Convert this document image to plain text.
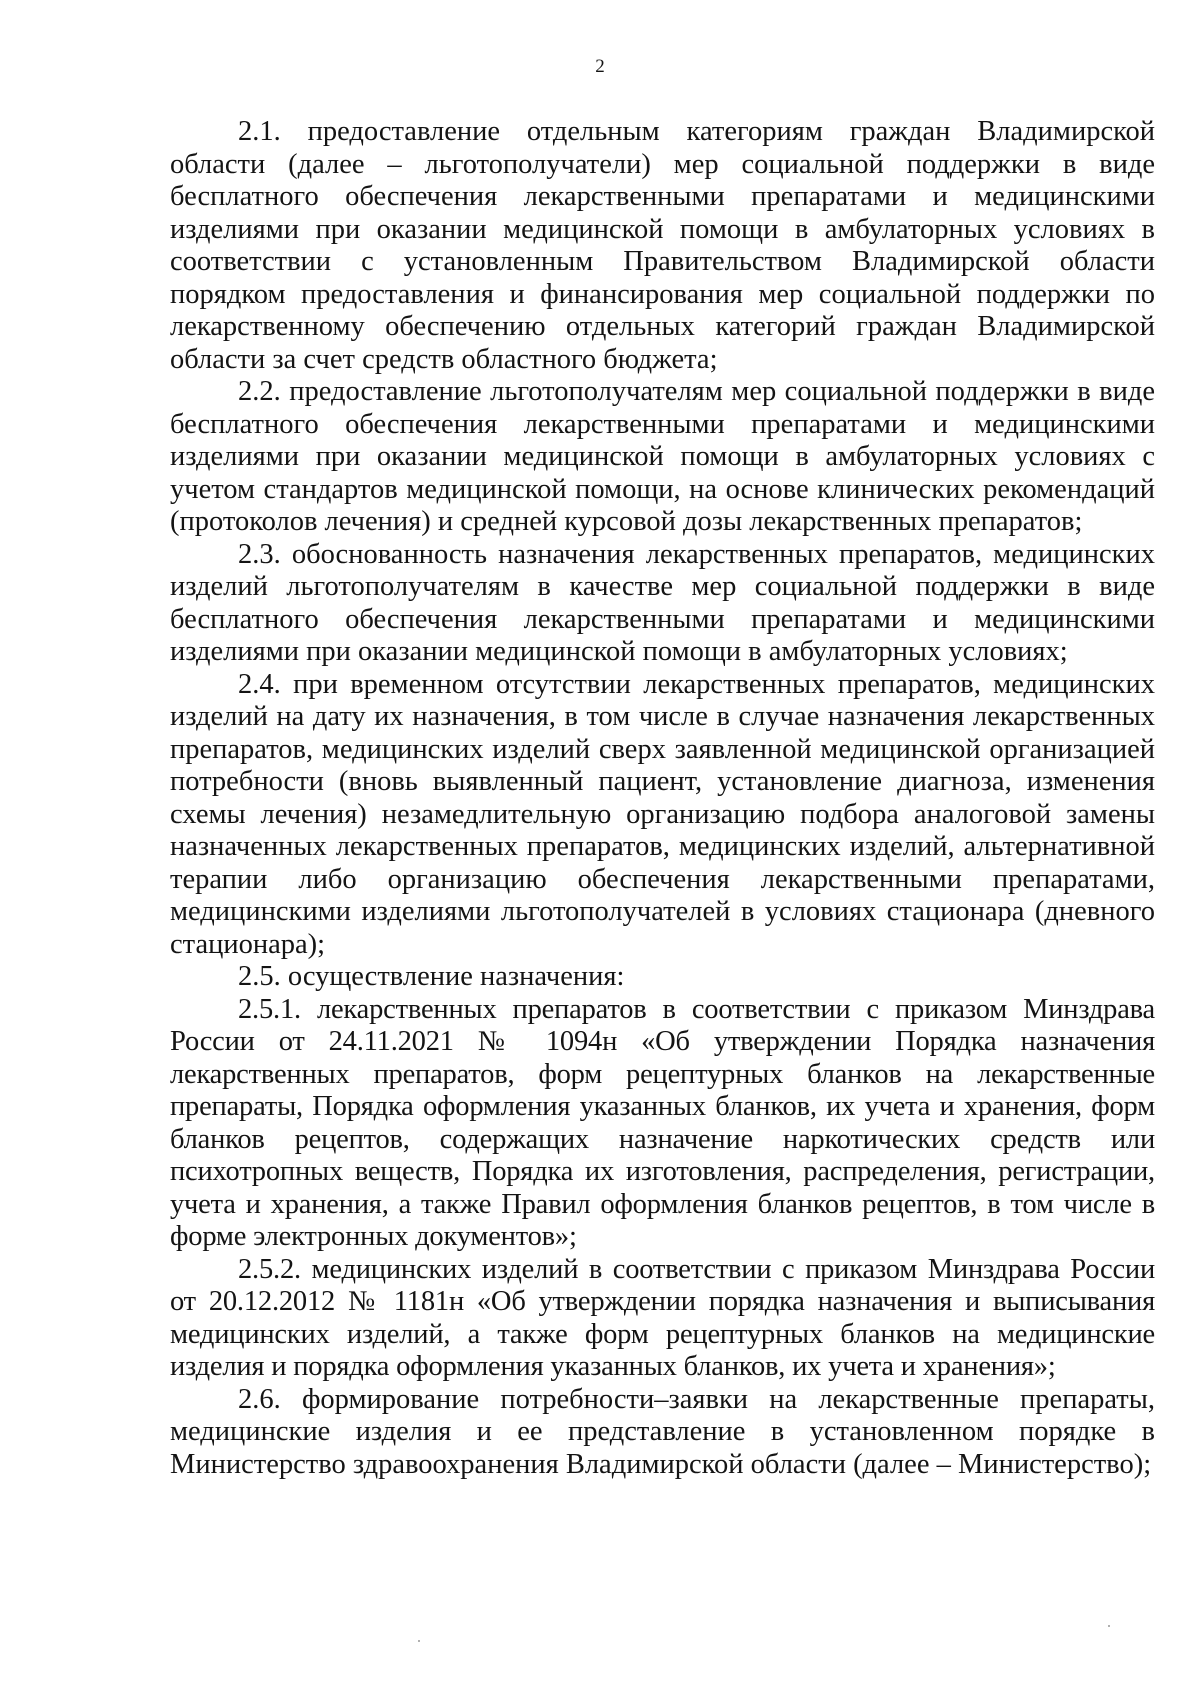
2

2.1. предоставление отдельным категориям граждан Владимирской области (далее – льготополучатели) мер социальной поддержки в виде бесплатного обеспечения лекарственными препаратами и медицинскими изделиями при оказании медицинской помощи в амбулаторных условиях в соответствии с установленным Правительством Владимирской области порядком предоставления и финансирования мер социальной поддержки по лекарственному обеспечению отдельных категорий граждан Владимирской области за счет средств областного бюджета;

2.2. предоставление льготополучателям мер социальной поддержки в виде бесплатного обеспечения лекарственными препаратами и медицинскими изделиями при оказании медицинской помощи в амбулаторных условиях с учетом стандартов медицинской помощи, на основе клинических рекомендаций (протоколов лечения) и средней курсовой дозы лекарственных препаратов;

2.3. обоснованность назначения лекарственных препаратов, медицинских изделий льготополучателям в качестве мер социальной поддержки в виде бесплатного обеспечения лекарственными препаратами и медицинскими изделиями при оказании медицинской помощи в амбулаторных условиях;

2.4. при временном отсутствии лекарственных препаратов, медицинских изделий на дату их назначения, в том числе в случае назначения лекарственных препаратов, медицинских изделий сверх заявленной медицинской организацией потребности (вновь выявленный пациент, установление диагноза, изменения схемы лечения) незамедлительную организацию подбора аналоговой замены назначенных лекарственных препаратов, медицинских изделий, альтернативной терапии либо организацию обеспечения лекарственными препаратами, медицинскими изделиями льготополучателей в условиях стационара (дневного стационара);

2.5. осуществление назначения:

2.5.1. лекарственных препаратов в соответствии с приказом Минздрава России от 24.11.2021 № 1094н «Об утверждении Порядка назначения лекарственных препаратов, форм рецептурных бланков на лекарственные препараты, Порядка оформления указанных бланков, их учета и хранения, форм бланков рецептов, содержащих назначение наркотических средств или психотропных веществ, Порядка их изготовления, распределения, регистрации, учета и хранения, а также Правил оформления бланков рецептов, в том числе в форме электронных документов»;

2.5.2. медицинских изделий в соответствии с приказом Минздрава России от 20.12.2012 № 1181н «Об утверждении порядка назначения и выписывания медицинских изделий, а также форм рецептурных бланков на медицинские изделия и порядка оформления указанных бланков, их учета и хранения»;

2.6. формирование потребности–заявки на лекарственные препараты, медицинские изделия и ее представление в установленном порядке в Министерство здравоохранения Владимирской области (далее – Министерство);
